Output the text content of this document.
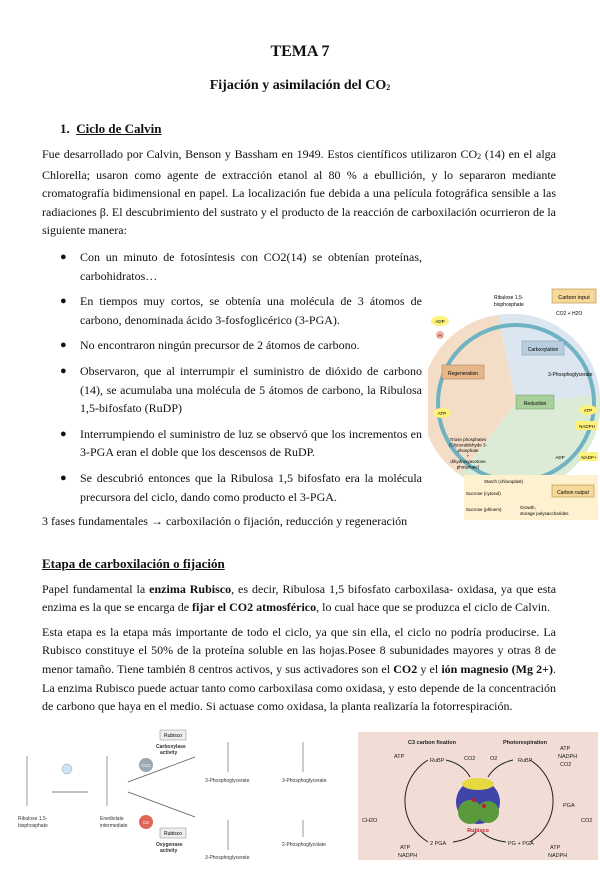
TEMA 7
Fijación y asimilación del $CO_2$
1. Ciclo de Calvin

Fue desarrollado por Calvin, Benson y Bassham en 1949. Estos científicos utilizaron $CO_2$ (14) en el alga Chlorella; usaron como agente de extracción etanol al 80 % a ebullición, y lo separaron mediante cromatografía bidimensional en papel. La localización fue debida a una película fotográfica sensible a las radiaciones β. El descubrimiento del sustrato y el producto de la reacción de carboxilación ocurrieron de la siguiente manera:

● Con un minuto de fotosíntesis con CO2(14) se obtenían proteínas, carbohidratos…
● En tiempos muy cortos, se obtenía una molécula de 3 átomos de carbono, denominada ácido 3-fosfoglicérico (3-PGA).
● No encontraron ningún precursor de 2 átomos de carbono.
● Observaron, que al interrumpir el suministro de dióxido de carbono (14), se acumulaba una molécula de 5 átomos de carbono, la Ribulosa 1,5-bifosfato (RuDP)
● Interrumpiendo el suministro de luz se observó que los incrementos en 3-PGA eran el doble que los descensos de RuDP.
● Se descubrió entonces que la Ribulosa 1,5 bifosfato era la molécula precursora del ciclo, dando como producto el 3-PGA.

3 fases fundamentales → carboxilación o fijación, reducción y regeneración

Etapa de carboxilación o fijación

Papel fundamental la enzima Rubisco, es decir, Ribulosa 1,5 bifosfato carboxilasa- oxidasa, ya que esta enzima es la que se encarga de fijar el CO2 atmosférico, lo cual hace que se produzca el ciclo de Calvin.

Esta etapa es la etapa más importante de todo el ciclo, ya que sin ella, el ciclo no podría producirse. La Rubisco constituye el 50% de la proteína soluble en las hojas.Posee 8 subunidades mayores y otras 8 de menor tamaño. Tiene también 8 centros activos, y sus activadores son el CO2 y el ión magnesio (Mg 2+). La enzima Rubisco puede actuar tanto como carboxilasa como oxidasa, y esto depende de la concentración de carbono que haya en el medio. Si actuase como oxidasa, la planta realizaría la fotorrespiración.

Carbon input
CO2 + H2O
Ribulose 1,5-
bisphosphate
Carboxylation
3-Phosphoglycerate
Regeneration
Reduction
ADP
Pi
ATP
ATP
NADPH
NADP+
ADP
Triose phosphates
(Glyceraldehyde 3-
phosphate
+
dihydroxyacetone
phosphate)
Starch (chloroplast)
Sucrose (cytosol)
Sucrose (phloem)	Growth,
storage polysaccharides
Carbon output
Ribulose 1,5-
bisphosphate
Enediolate
intermediate
3-Phosphoglycerate	3-Phosphoglycerate
3-Phosphoglycerate
2-Phosphoglycolate
Carboxylase
activity
Oxygenase
activity
Rubisco
Rubisco
CO2
O2
C3 carbon fixation	Photorespiration
ATP
RuBP	CO2	O2	RuBP
ATP
NADPH
CO2
PGA
CO2
CH2O
2 PGA	PG + PGA
ATP
NADPH
ATP
NADPH
Rubisco
